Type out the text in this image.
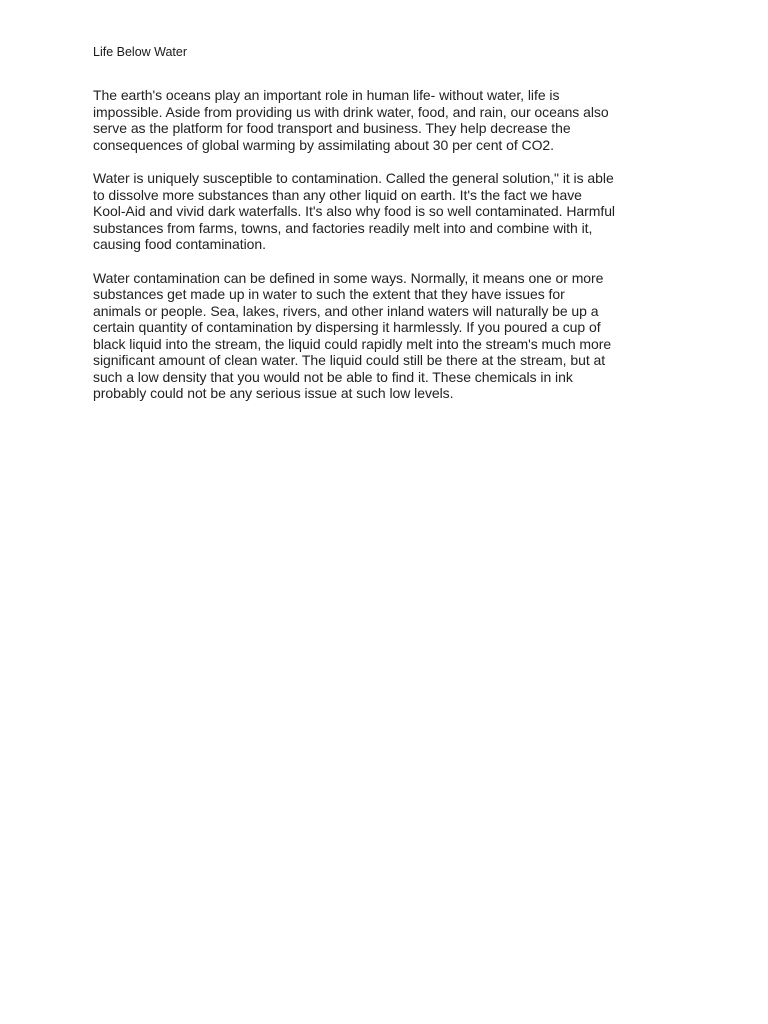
Life Below Water

The earth's oceans play an important role in human life- without water, life is
impossible. Aside from providing us with drink water, food, and rain, our oceans also
serve as the platform for food transport and business. They help decrease the
consequences of global warming by assimilating about 30 per cent of CO2.

Water is uniquely susceptible to contamination. Called the general solution," it is able
to dissolve more substances than any other liquid on earth. It's the fact we have
Kool-Aid and vivid dark waterfalls. It's also why food is so well contaminated. Harmful
substances from farms, towns, and factories readily melt into and combine with it,
causing food contamination.

Water contamination can be defined in some ways. Normally, it means one or more
substances get made up in water to such the extent that they have issues for
animals or people. Sea, lakes, rivers, and other inland waters will naturally be up a
certain quantity of contamination by dispersing it harmlessly. If you poured a cup of
black liquid into the stream, the liquid could rapidly melt into the stream's much more
significant amount of clean water. The liquid could still be there at the stream, but at
such a low density that you would not be able to find it. These chemicals in ink
probably could not be any serious issue at such low levels.
